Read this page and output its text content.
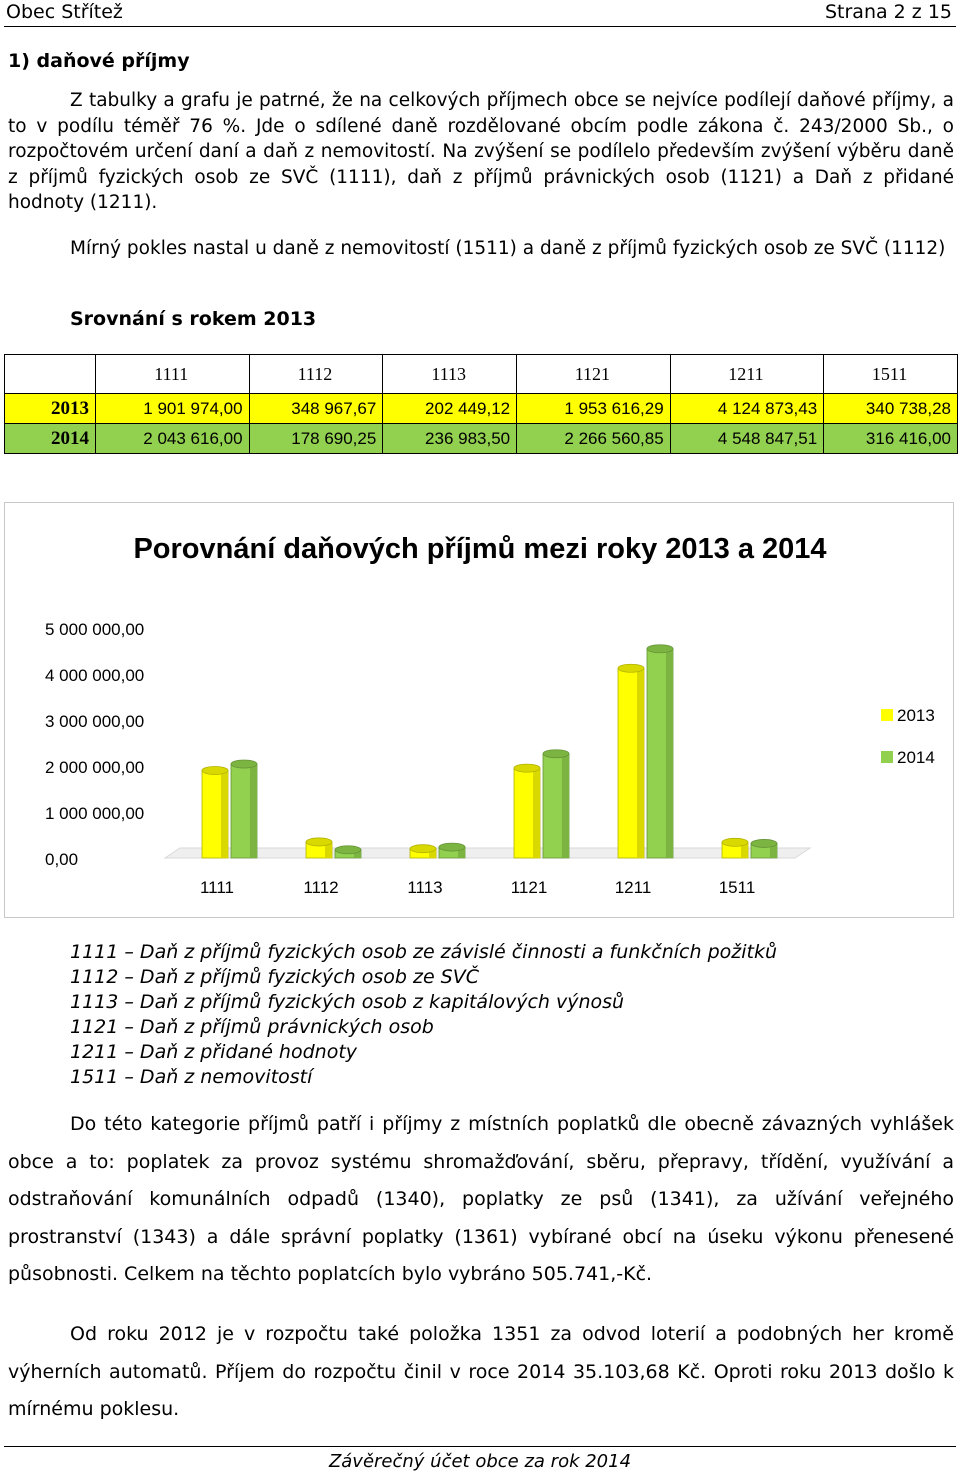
Obec Střítež	Strana 2 z 15
1) daňové příjmy

Z tabulky a grafu je patrné, že na celkových příjmech obce se nejvíce podílejí daňové příjmy, a to v podílu téměř 76 %. Jde o sdílené daně rozdělované obcím podle zákona č. 243/2000 Sb., o rozpočtovém určení daní a daň z nemovitostí. Na zvýšení se podílelo především zvýšení výběru daně z příjmů fyzických osob ze SVČ (1111), daň z příjmů právnických osob (1121) a Daň z přidané hodnoty (1211).

Mírný pokles nastal u daně z nemovitostí (1511) a daně z příjmů fyzických osob ze SVČ (1112)

Srovnání s rokem 2013
	1111	1112	1113	1121	1211	1511
2013	1 901 974,00	348 967,67	202 449,12	1 953 616,29	4 124 873,43	340 738,28
2014	2 043 616,00	178 690,25	236 983,50	2 266 560,85	4 548 847,51	316 416,00
Porovnání daňových příjmů mezi roky 2013 a 2014
0,00
1 000 000,00
2 000 000,00
3 000 000,00
4 000 000,00
5 000 000,00
1111	1112	1113	1121	1211	1511
2013
2014
1111 – Daň z příjmů fyzických osob ze závislé činnosti a funkčních požitků
1112 – Daň z příjmů fyzických osob ze SVČ
1113 – Daň z příjmů fyzických osob z kapitálových výnosů
1121 – Daň z příjmů právnických osob
1211 – Daň z přidané hodnoty
1511 – Daň z nemovitostí

Do této kategorie příjmů patří i příjmy z místních poplatků dle obecně závazných vyhlášek obce a to: poplatek za provoz systému shromažďování, sběru, přepravy, třídění, využívání a odstraňování komunálních odpadů (1340), poplatky ze psů (1341), za užívání veřejného prostranství (1343) a dále správní poplatky (1361) vybírané obcí na úseku výkonu přenesené působnosti. Celkem na těchto poplatcích bylo vybráno 505.741,-Kč.

Od roku 2012 je v rozpočtu také položka 1351 za odvod loterií a podobných her kromě výherních automatů. Příjem do rozpočtu činil v roce 2014 35.103,68 Kč. Oproti roku 2013 došlo k mírnému poklesu.

Závěrečný účet obce za rok 2014
